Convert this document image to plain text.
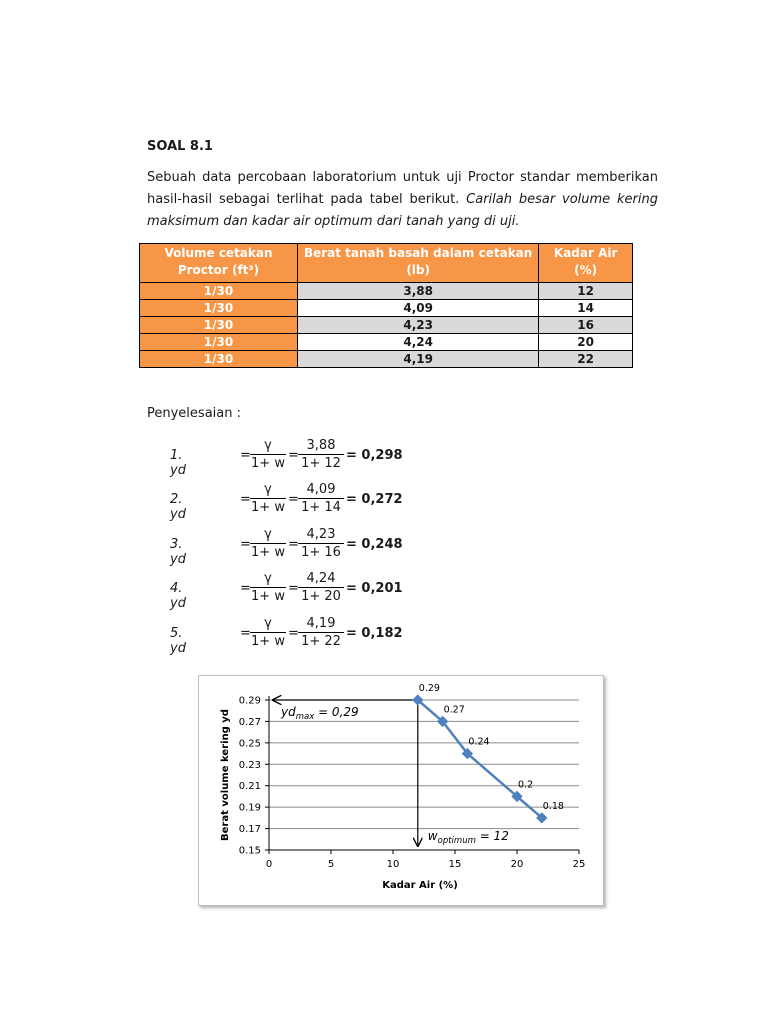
SOAL 8.1
Sebuah data percobaan laboratorium untuk uji Proctor standar memberikan hasil-hasil sebagai terlihat pada tabel berikut. Carilah besar volume kering maksimum dan kadar air optimum dari tanah yang di uji.
Volume cetakan Proctor (ft³)	Berat tanah basah dalam cetakan (lb)	Kadar Air (%)
1/30	3,88	12
1/30	4,09	14
1/30	4,23	16
1/30	4,24	20
1/30	4,19	22
Penyelesaian :
1. yd
= $\frac{\gamma}{1+ w} = \frac{3,88}{1+ 12} = 0,298$
2. yd
= $\frac{\gamma}{1+ w} = \frac{4,09}{1+ 14} = 0,272$
3. yd
= $\frac{\gamma}{1+ w} = \frac{4,23}{1+ 16} = 0,248$
4. yd
= $\frac{\gamma}{1+ w} = \frac{4,24}{1+ 20} = 0,201$
5. yd
= $\frac{\gamma}{1+ w} = \frac{4,19}{1+ 22} = 0,182$
0.15
0.17
0.19
0.21
0.23
0.25
0.27
0.29
0	5	10	15	20	25
0.29
0.27
0.24
0.2
0.18
$yd_{max} = 0,29$
$w_{optimum} = 12$
Kadar Air (%)
Berat volume kering yd
